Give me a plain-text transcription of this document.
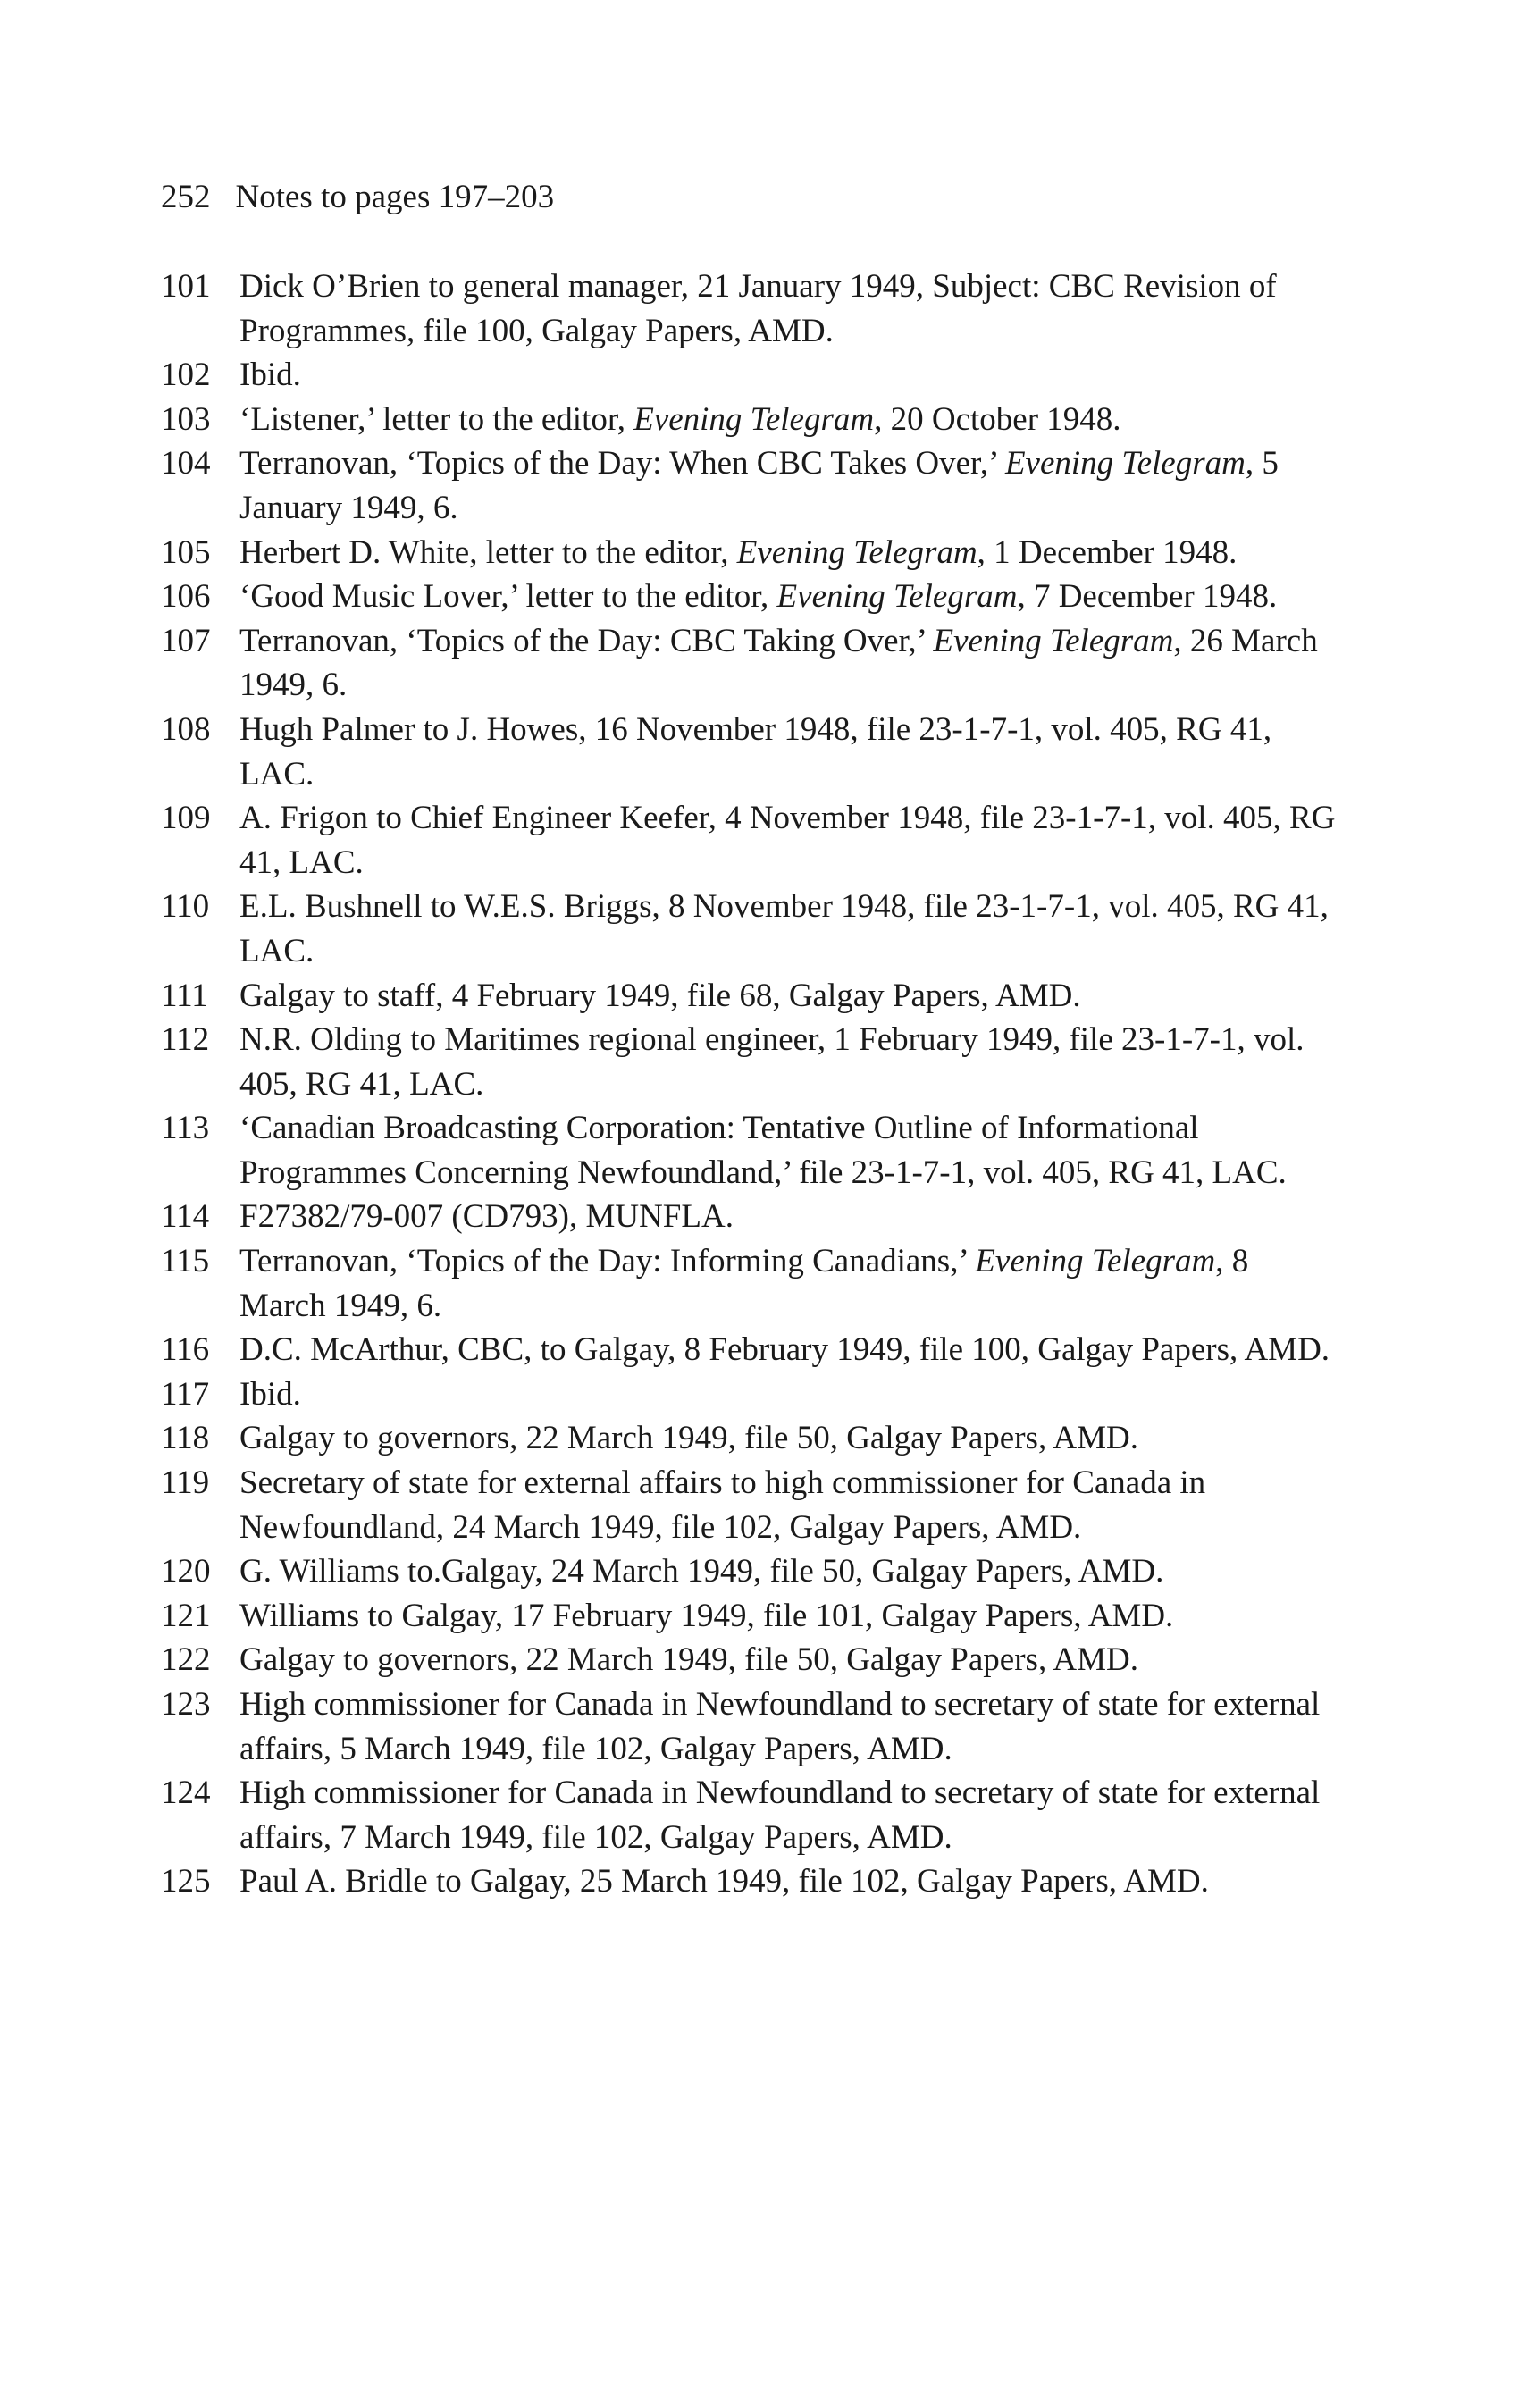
252 Notes to pages 197–203
101 Dick O’Brien to general manager, 21 January 1949, Subject: CBC Revision of Programmes, file 100, Galgay Papers, AMD.
102 Ibid.
103 ‘Listener,’ letter to the editor, Evening Telegram, 20 October 1948.
104 Terranovan, ‘Topics of the Day: When CBC Takes Over,’ Evening Telegram, 5 January 1949, 6.
105 Herbert D. White, letter to the editor, Evening Telegram, 1 December 1948.
106 ‘Good Music Lover,’ letter to the editor, Evening Telegram, 7 December 1948.
107 Terranovan, ‘Topics of the Day: CBC Taking Over,’ Evening Telegram, 26 March 1949, 6.
108 Hugh Palmer to J. Howes, 16 November 1948, file 23-1-7-1, vol. 405, RG 41, LAC.
109 A. Frigon to Chief Engineer Keefer, 4 November 1948, file 23-1-7-1, vol. 405, RG 41, LAC.
110 E.L. Bushnell to W.E.S. Briggs, 8 November 1948, file 23-1-7-1, vol. 405, RG 41, LAC.
111 Galgay to staff, 4 February 1949, file 68, Galgay Papers, AMD.
112 N.R. Olding to Maritimes regional engineer, 1 February 1949, file 23-1-7-1, vol. 405, RG 41, LAC.
113 ‘Canadian Broadcasting Corporation: Tentative Outline of Informational Programmes Concerning Newfoundland,’ file 23-1-7-1, vol. 405, RG 41, LAC.
114 F27382/79-007 (CD793), MUNFLA.
115 Terranovan, ‘Topics of the Day: Informing Canadians,’ Evening Telegram, 8 March 1949, 6.
116 D.C. McArthur, CBC, to Galgay, 8 February 1949, file 100, Galgay Papers, AMD.
117 Ibid.
118 Galgay to governors, 22 March 1949, file 50, Galgay Papers, AMD.
119 Secretary of state for external affairs to high commissioner for Canada in Newfoundland, 24 March 1949, file 102, Galgay Papers, AMD.
120 G. Williams to.Galgay, 24 March 1949, file 50, Galgay Papers, AMD.
121 Williams to Galgay, 17 February 1949, file 101, Galgay Papers, AMD.
122 Galgay to governors, 22 March 1949, file 50, Galgay Papers, AMD.
123 High commissioner for Canada in Newfoundland to secretary of state for external affairs, 5 March 1949, file 102, Galgay Papers, AMD.
124 High commissioner for Canada in Newfoundland to secretary of state for external affairs, 7 March 1949, file 102, Galgay Papers, AMD.
125 Paul A. Bridle to Galgay, 25 March 1949, file 102, Galgay Papers, AMD.
